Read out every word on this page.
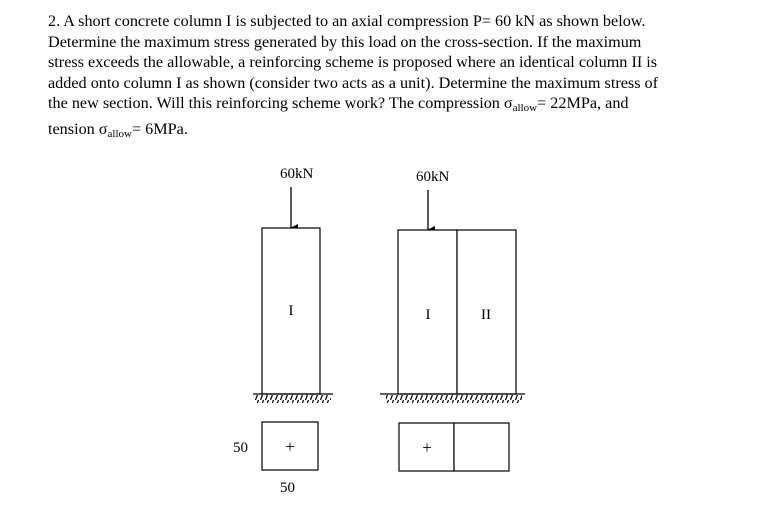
2. A short concrete column I is subjected to an axial compression P= 60 kN as shown below.
Determine the maximum stress generated by this load on the cross-section. If the maximum
stress exceeds the allowable, a reinforcing scheme is proposed where an identical column II is
added onto column I as shown (consider two acts as a unit). Determine the maximum stress of
the new section. Will this reinforcing scheme work? The compression $\sigma_{allow}= 22MPa$, and
tension $\sigma_{allow}= 6MPa$.
60kN
I
60kN
I	II
+
50
50
+
